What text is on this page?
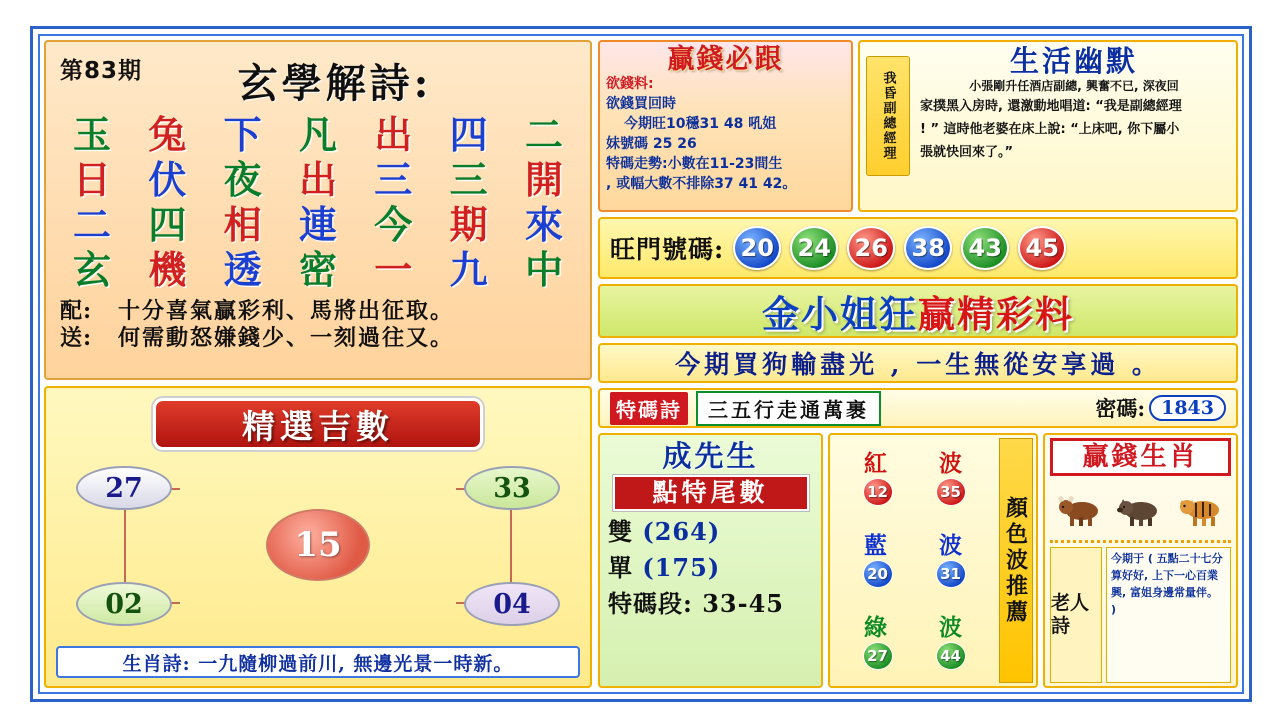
第83期	玄學解詩:
玉 兔 下 凡 出 四 二
日 伏 夜 出 三 三 開
二 四 相 連 今 期 來
玄 機 透 密 一 九 中
配:	十分喜氣贏彩利、馬將出征取。
送:	何需動怒嫌錢少、一刻過往又。
精選吉數
27	33
02	04
15
生肖詩: 一九隨柳過前川, 無邊光景一時新。
贏錢必跟
欲錢料:
欲錢買回時
今期旺10穩31 48 吼姐
妹號碼 25 26
特碼走勢:小數在11-23間生
, 或幅大數不排除37 41 42。
我昏副總經理
生活幽默
小張剛升任酒店副總, 興奮不已, 深夜回
家撲黑入房時, 還激動地唱道: “我是副總經理
! ” 這時他老婆在床上說: “上床吧, 你下屬小
張就快回來了。”
旺門號碼: 20 24 26 38 43 45
金小姐狂贏精彩料
今期買狗輸盡光 , 一生無從安享過 。
特碼詩	三五行走通萬裹	密碼: 1843
成先生
點特尾數
雙 (264)
單 (175)
特碼段: 33-45
紅 波
12	35
藍 波
20	31
綠 波
27	44
顏色波推薦
贏錢生肖
老人詩
今期于 ( 五點二十七分算好好, 上下一心百業興, 富姐身邊常量伴。 )
